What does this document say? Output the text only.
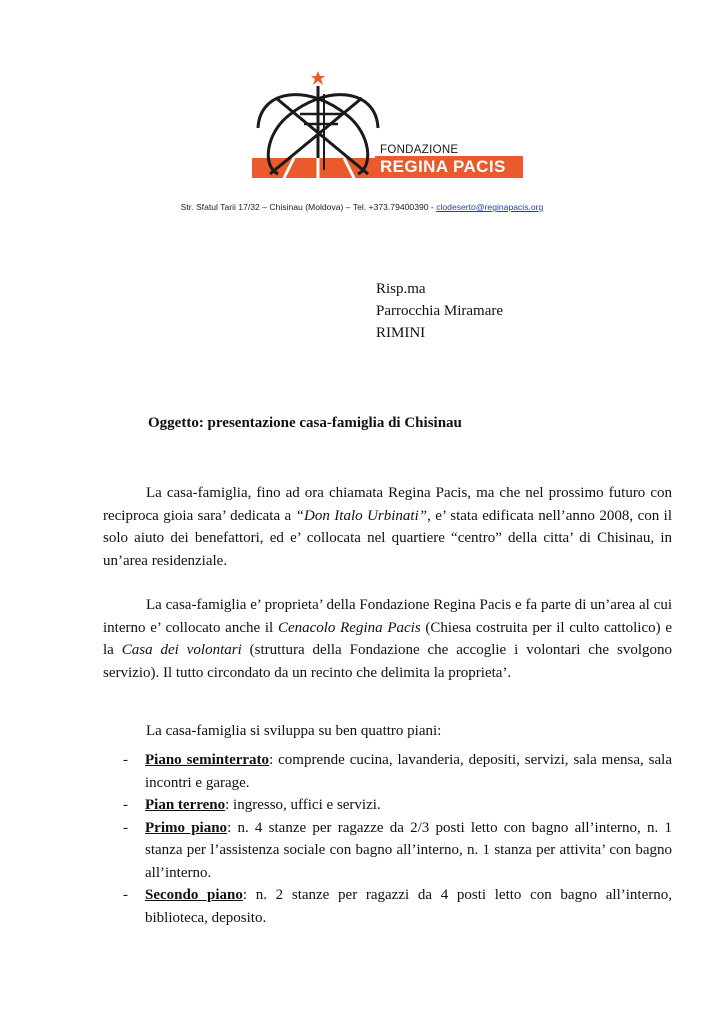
FONDAZIONE
REGINA PACIS
Str. Sfatul Tarii 17/32 – Chisinau (Moldova) – Tel. +373.79400390 - clodeserto@reginapacis.org
Risp.ma
Parrocchia Miramare
RIMINI
Oggetto: presentazione casa-famiglia di Chisinau

La casa-famiglia, fino ad ora chiamata Regina Pacis, ma che nel prossimo futuro con reciproca gioia sara’ dedicata a “Don Italo Urbinati”, e’ stata edificata nell’anno 2008, con il solo aiuto dei benefattori, ed e’ collocata nel quartiere “centro” della citta’ di Chisinau, in un’area residenziale.

La casa-famiglia e’ proprieta’ della Fondazione Regina Pacis e fa parte di un’area al cui interno e’ collocato anche il Cenacolo Regina Pacis (Chiesa costruita per il culto cattolico) e la Casa dei volontari (struttura della Fondazione che accoglie i volontari che svolgono servizio). Il tutto circondato da un recinto che delimita la proprieta’.

La casa-famiglia si sviluppa su ben quattro piani:
- Piano seminterrato: comprende cucina, lavanderia, depositi, servizi, sala mensa, sala incontri e garage.
- Pian terreno: ingresso, uffici e servizi.
- Primo piano: n. 4 stanze per ragazze da 2/3 posti letto con bagno all’interno, n. 1 stanza per l’assistenza sociale con bagno all’interno, n. 1 stanza per attivita’ con bagno all’interno.
- Secondo piano: n. 2 stanze per ragazzi da 4 posti letto con bagno all’interno, biblioteca, deposito.
